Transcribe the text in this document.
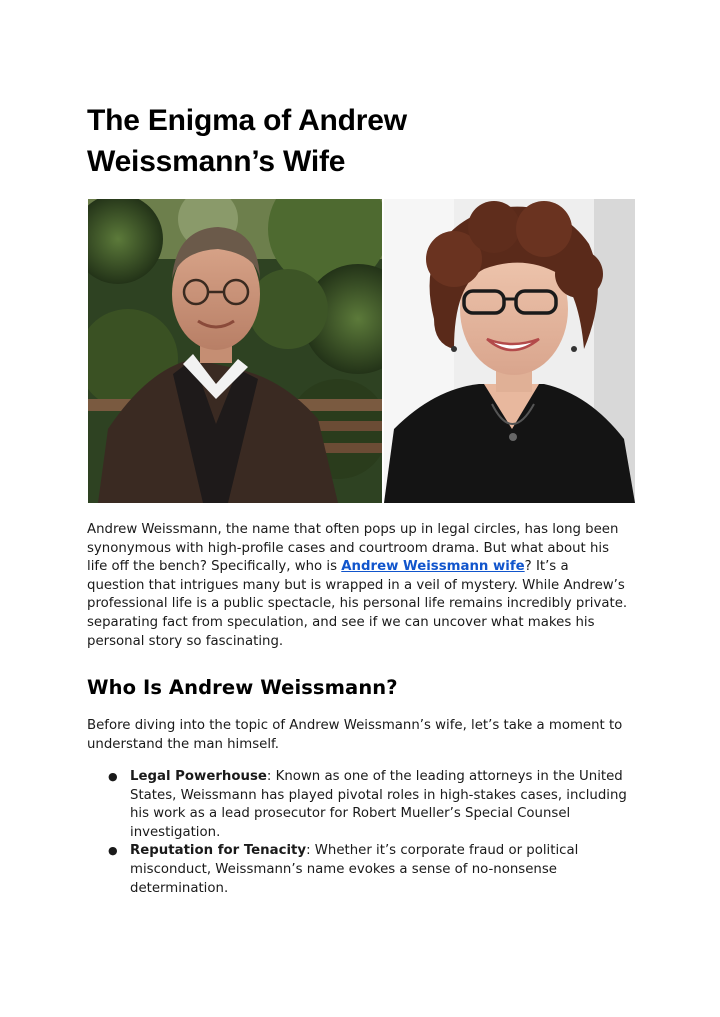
The Enigma of Andrew
Weissmann’s Wife

Andrew Weissmann, the name that often pops up in legal circles, has long been
synonymous with high-profile cases and courtroom drama. But what about his
life off the bench? Specifically, who is Andrew Weissmann wife? It’s a
question that intrigues many but is wrapped in a veil of mystery. While Andrew’s
professional life is a public spectacle, his personal life remains incredibly private.
separating fact from speculation, and see if we can uncover what makes his
personal story so fascinating.

Who Is Andrew Weissmann?

Before diving into the topic of Andrew Weissmann’s wife, let’s take a moment to
understand the man himself.

● Legal Powerhouse: Known as one of the leading attorneys in the United
States, Weissmann has played pivotal roles in high-stakes cases, including
his work as a lead prosecutor for Robert Mueller’s Special Counsel
investigation.
● Reputation for Tenacity: Whether it’s corporate fraud or political
misconduct, Weissmann’s name evokes a sense of no-nonsense
determination.
